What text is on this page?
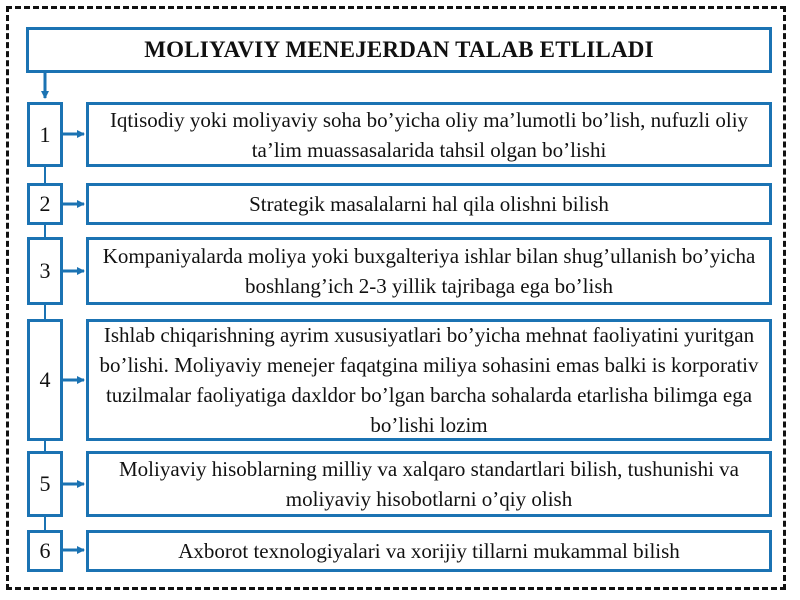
MOLIYAVIY MENEJERDAN TALAB ETLILADI
1
Iqtisodiy yoki moliyaviy soha bo’yicha oliy ma’lumotli bo’lish, nufuzli oliy ta’lim muassasalarida tahsil olgan bo’lishi
2	Strategik masalalarni hal qila olishni bilish
3
Kompaniyalarda moliya yoki buxgalteriya ishlar bilan shug’ullanish bo’yicha boshlang’ich 2-3 yillik tajribaga ega bo’lish
4
Ishlab chiqarishning ayrim xususiyatlari bo’yicha mehnat faoliyatini yuritgan bo’lishi. Moliyaviy menejer faqatgina miliya sohasini emas balki is korporativ tuzilmalar faoliyatiga daxldor bo’lgan barcha sohalarda etarlisha bilimga ega bo’lishi lozim
5
Moliyaviy hisoblarning milliy va xalqaro standartlari bilish, tushunishi va moliyaviy hisobotlarni o’qiy olish
6	Axborot texnologiyalari va xorijiy tillarni mukammal bilish
